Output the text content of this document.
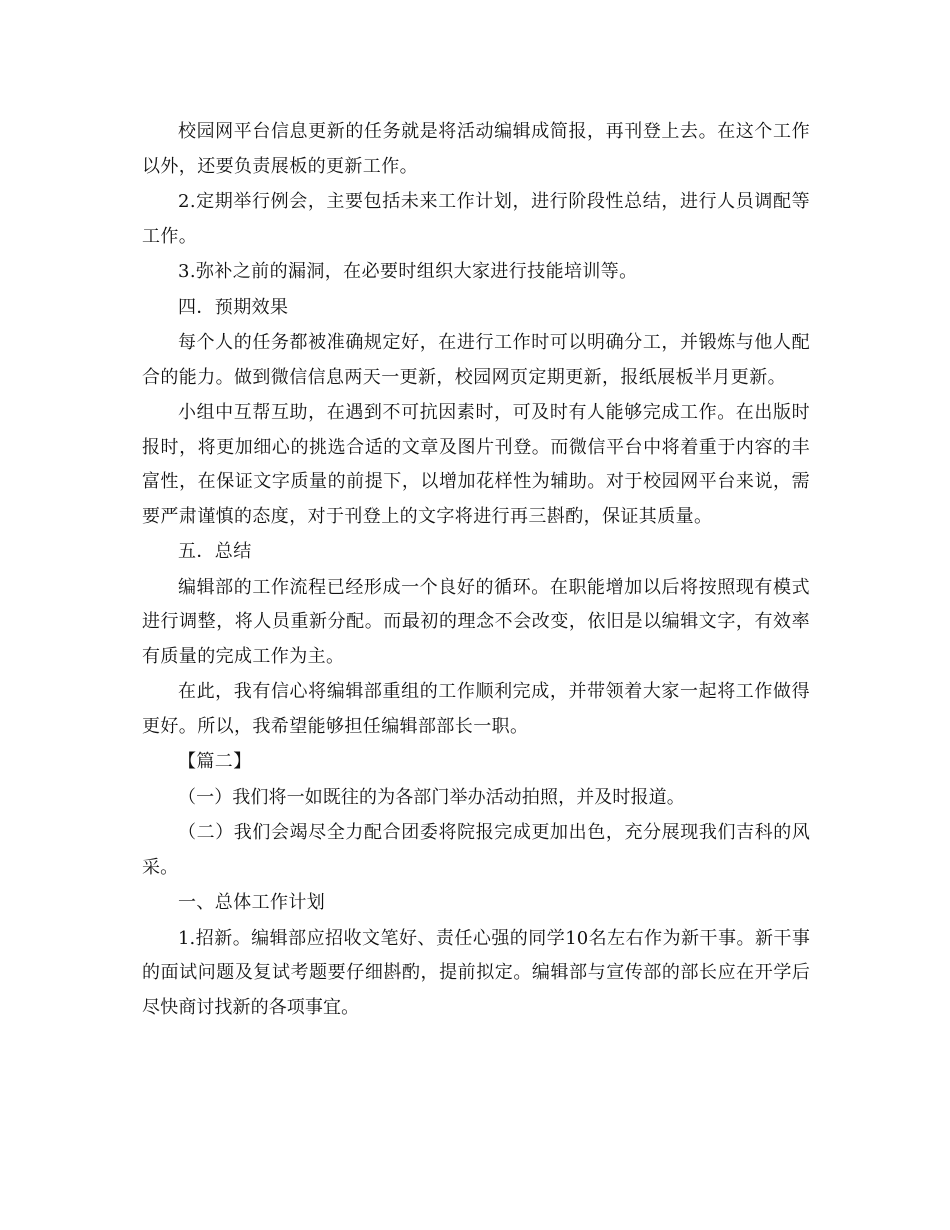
校园网平台信息更新的任务就是将活动编辑成简报，再刊登上去。在这个工作以外，还要负责展板的更新工作。

2.定期举行例会，主要包括未来工作计划，进行阶段性总结，进行人员调配等工作。

3.弥补之前的漏洞，在必要时组织大家进行技能培训等。

四．预期效果

每个人的任务都被准确规定好，在进行工作时可以明确分工，并锻炼与他人配合的能力。做到微信信息两天一更新，校园网页定期更新，报纸展板半月更新。

小组中互帮互助，在遇到不可抗因素时，可及时有人能够完成工作。在出版时报时，将更加细心的挑选合适的文章及图片刊登。而微信平台中将着重于内容的丰富性，在保证文字质量的前提下，以增加花样性为辅助。对于校园网平台来说，需要严肃谨慎的态度，对于刊登上的文字将进行再三斟酌，保证其质量。

五．总结

编辑部的工作流程已经形成一个良好的循环。在职能增加以后将按照现有模式进行调整，将人员重新分配。而最初的理念不会改变，依旧是以编辑文字，有效率有质量的完成工作为主。

在此，我有信心将编辑部重组的工作顺利完成，并带领着大家一起将工作做得更好。所以，我希望能够担任编辑部部长一职。

【篇二】

（一）我们将一如既往的为各部门举办活动拍照，并及时报道。

（二）我们会竭尽全力配合团委将院报完成更加出色，充分展现我们吉科的风采。

一、总体工作计划

1.招新。编辑部应招收文笔好、责任心强的同学10名左右作为新干事。新干事的面试问题及复试考题要仔细斟酌，提前拟定。编辑部与宣传部的部长应在开学后尽快商讨找新的各项事宜。
